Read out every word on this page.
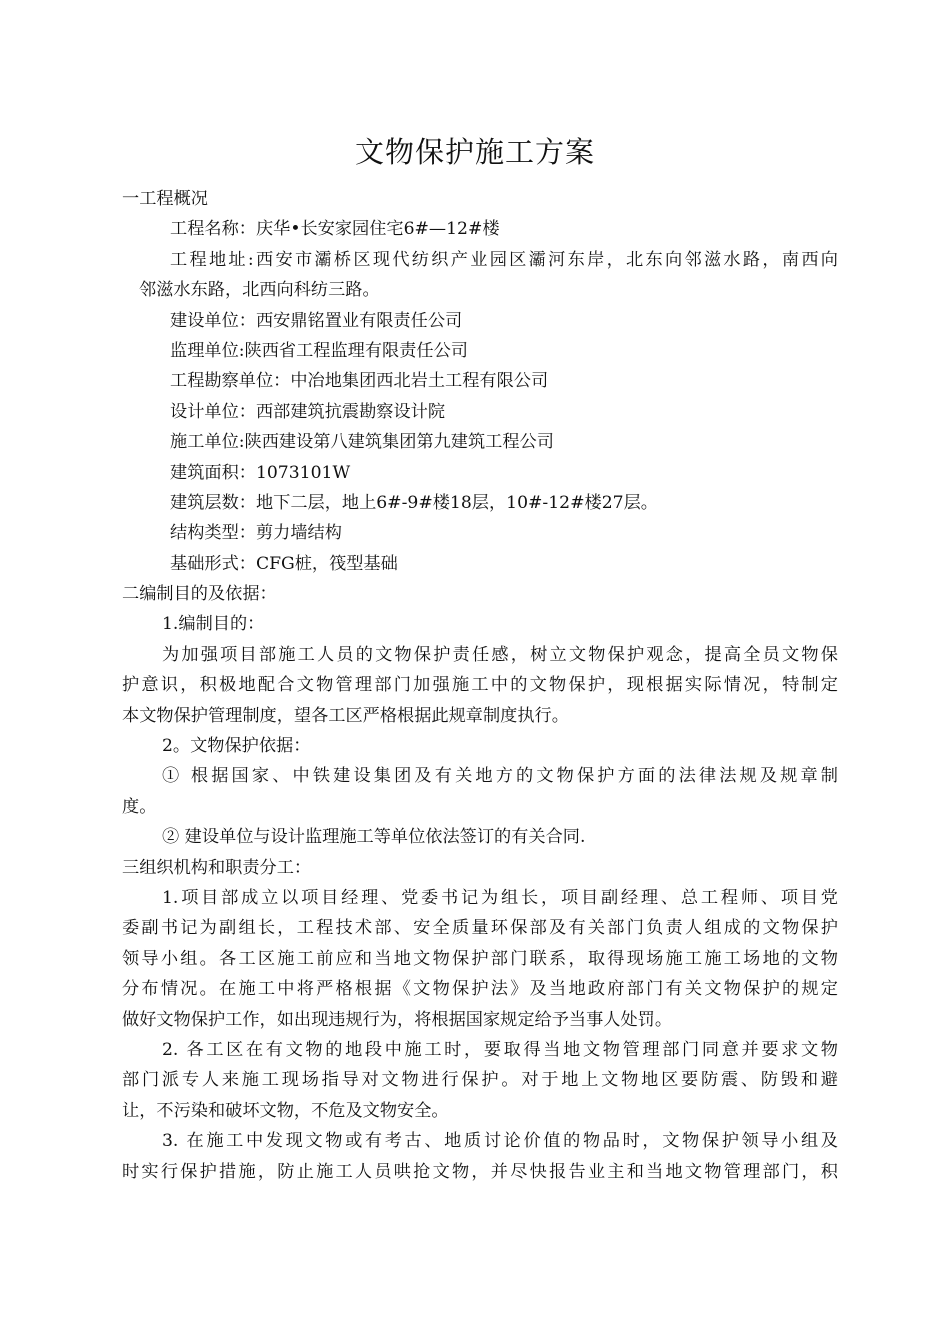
文物保护施工方案
一工程概况
工程名称：庆华•长安家园住宅6#—12#楼
工程地址:西安市灞桥区现代纺织产业园区灞河东岸，北东向邻滋水路，南西向
邻滋水东路，北西向科纺三路。
建设单位：西安鼎铭置业有限责任公司
监理单位:陕西省工程监理有限责任公司
工程勘察单位：中冶地集团西北岩土工程有限公司
设计单位：西部建筑抗震勘察设计院
施工单位:陕西建设第八建筑集团第九建筑工程公司
建筑面积：1073101W
建筑层数：地下二层，地上6#-9#楼18层，10#-12#楼27层。
结构类型：剪力墙结构
基础形式：CFG桩，筏型基础
二编制目的及依据：
1.编制目的：
为加强项目部施工人员的文物保护责任感，树立文物保护观念，提高全员文物保
护意识，积极地配合文物管理部门加强施工中的文物保护，现根据实际情况，特制定
本文物保护管理制度，望各工区严格根据此规章制度执行。
2。文物保护依据：
① 根据国家、中铁建设集团及有关地方的文物保护方面的法律法规及规章制
度。
② 建设单位与设计监理施工等单位依法签订的有关合同.
三组织机构和职责分工：
1.项目部成立以项目经理、党委书记为组长，项目副经理、总工程师、项目党
委副书记为副组长，工程技术部、安全质量环保部及有关部门负责人组成的文物保护
领导小组。各工区施工前应和当地文物保护部门联系，取得现场施工施工场地的文物
分布情况。在施工中将严格根据《文物保护法》及当地政府部门有关文物保护的规定
做好文物保护工作，如出现违规行为，将根据国家规定给予当事人处罚。
2. 各工区在有文物的地段中施工时，要取得当地文物管理部门同意并要求文物
部门派专人来施工现场指导对文物进行保护。对于地上文物地区要防震、防毁和避
让，不污染和破坏文物，不危及文物安全。
3. 在施工中发现文物或有考古、地质讨论价值的物品时，文物保护领导小组及
时实行保护措施，防止施工人员哄抢文物，并尽快报告业主和当地文物管理部门，积
